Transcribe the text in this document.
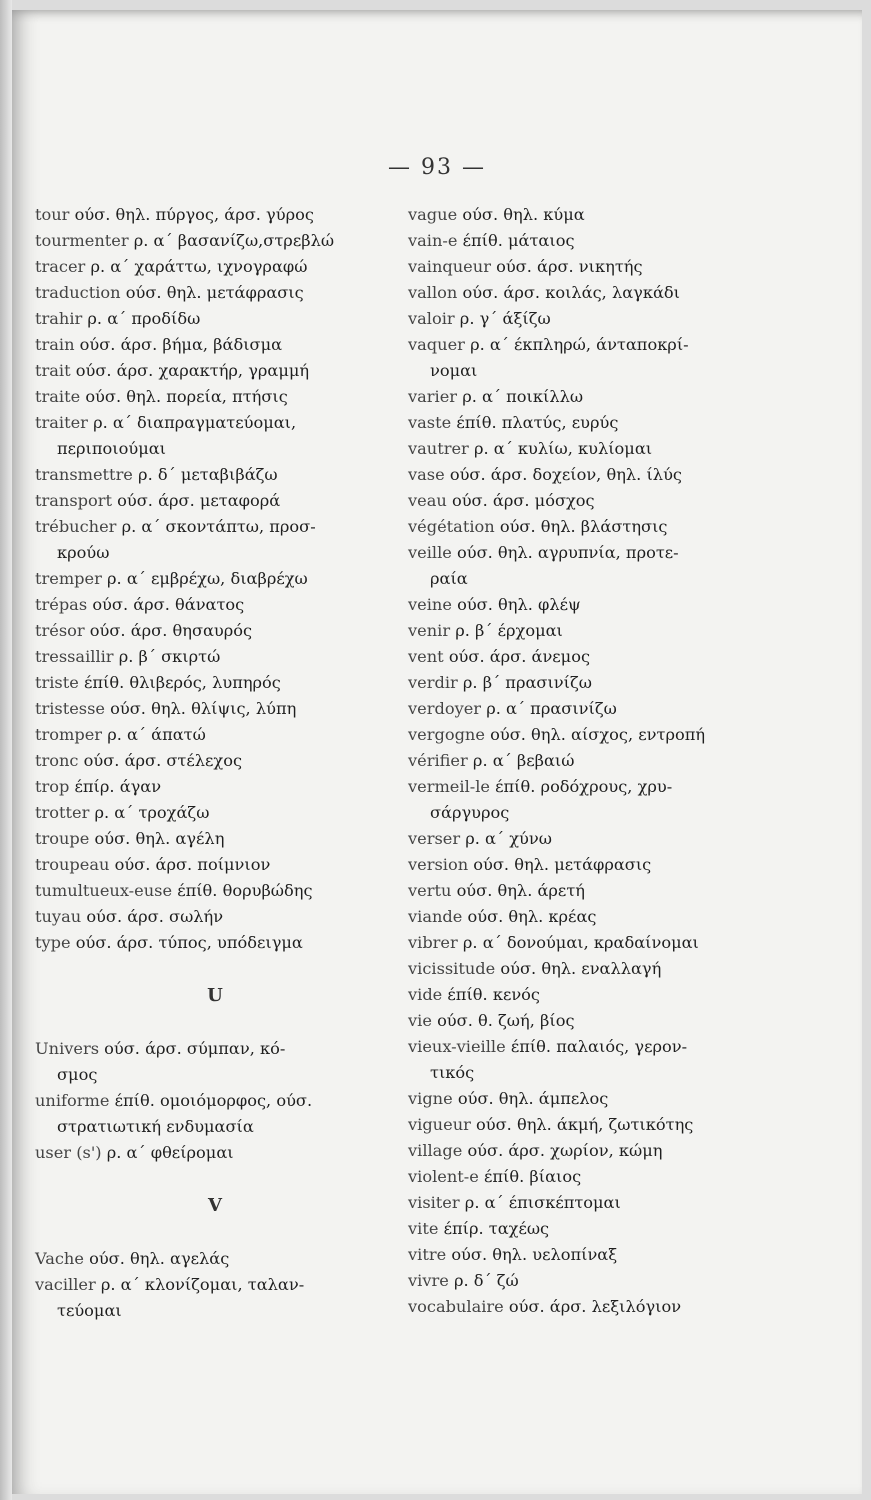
— 93 —

tour ούσ. θηλ. πύργος, άρσ. γύρος

tourmenter ρ. α΄ βασανίζω,στρεβλώ

tracer ρ. α΄ χαράττω, ιχνογραφώ

traduction ούσ. θηλ. μετάφρασις

trahir ρ. α΄ προδίδω

train ούσ. άρσ. βήμα, βάδισμα

trait ούσ. άρσ. χαρακτήρ, γραμμή

traite ούσ. θηλ. πορεία, πτήσις

traiter ρ. α΄ διαπραγματεύομαι,

περιποιούμαι

transmettre ρ. δ΄ μεταβιβάζω

transport ούσ. άρσ. μεταφορά

trébucher ρ. α΄ σκοντάπτω, προσ-

κρούω

tremper ρ. α΄ εμβρέχω, διαβρέχω

trépas ούσ. άρσ. θάνατος

trésor ούσ. άρσ. θησαυρός

tressaillir ρ. β΄ σκιρτώ

triste έπίθ. θλιβερός, λυπηρός

tristesse ούσ. θηλ. θλίψις, λύπη

tromper ρ. α΄ άπατώ

tronc ούσ. άρσ. στέλεχος

trop έπίρ. άγαν

trotter ρ. α΄ τροχάζω

troupe ούσ. θηλ. αγέλη

troupeau ούσ. άρσ. ποίμνιον

tumultueux-euse έπίθ. θορυβώδης

tuyau ούσ. άρσ. σωλήν

type ούσ. άρσ. τύπος, υπόδειγμα

U

Univers ούσ. άρσ. σύμπαν, κό-

σμος

uniforme έπίθ. ομοιόμορφος, ούσ.

στρατιωτική ενδυμασία

user (s') ρ. α΄ φθείρομαι

V

Vache ούσ. θηλ. αγελάς

vaciller ρ. α΄ κλονίζομαι, ταλαν-

τεύομαι

vague ούσ. θηλ. κύμα

vain-e έπίθ. μάταιος

vainqueur ούσ. άρσ. νικητής

vallon ούσ. άρσ. κοιλάς, λαγκάδι

valoir ρ. γ΄ άξίζω

vaquer ρ. α΄ έκπληρώ, άνταποκρί-

νομαι

varier ρ. α΄ ποικίλλω

vaste έπίθ. πλατύς, ευρύς

vautrer ρ. α΄ κυλίω, κυλίομαι

vase ούσ. άρσ. δοχείον, θηλ. ίλύς

veau ούσ. άρσ. μόσχος

végétation ούσ. θηλ. βλάστησις

veille ούσ. θηλ. αγρυπνία, προτε-

ραία

veine ούσ. θηλ. φλέψ

venir ρ. β΄ έρχομαι

vent ούσ. άρσ. άνεμος

verdir ρ. β΄ πρασινίζω

verdoyer ρ. α΄ πρασινίζω

vergogne ούσ. θηλ. αίσχος, εντροπή

vérifier ρ. α΄ βεβαιώ

vermeil-le έπίθ. ροδόχρους, χρυ-

σάργυρος

verser ρ. α΄ χύνω

version ούσ. θηλ. μετάφρασις

vertu ούσ. θηλ. άρετή

viande ούσ. θηλ. κρέας

vibrer ρ. α΄ δονούμαι, κραδαίνομαι

vicissitude ούσ. θηλ. εναλλαγή

vide έπίθ. κενός

vie ούσ. θ. ζωή, βίος

vieux-vieille έπίθ. παλαιός, γερον-

τικός

vigne ούσ. θηλ. άμπελος

vigueur ούσ. θηλ. άκμή, ζωτικότης

village ούσ. άρσ. χωρίον, κώμη

violent-e έπίθ. βίαιος

visiter ρ. α΄ έπισκέπτομαι

vite έπίρ. ταχέως

vitre ούσ. θηλ. υελοπίναξ

vivre ρ. δ΄ ζώ

vocabulaire ούσ. άρσ. λεξιλόγιον
